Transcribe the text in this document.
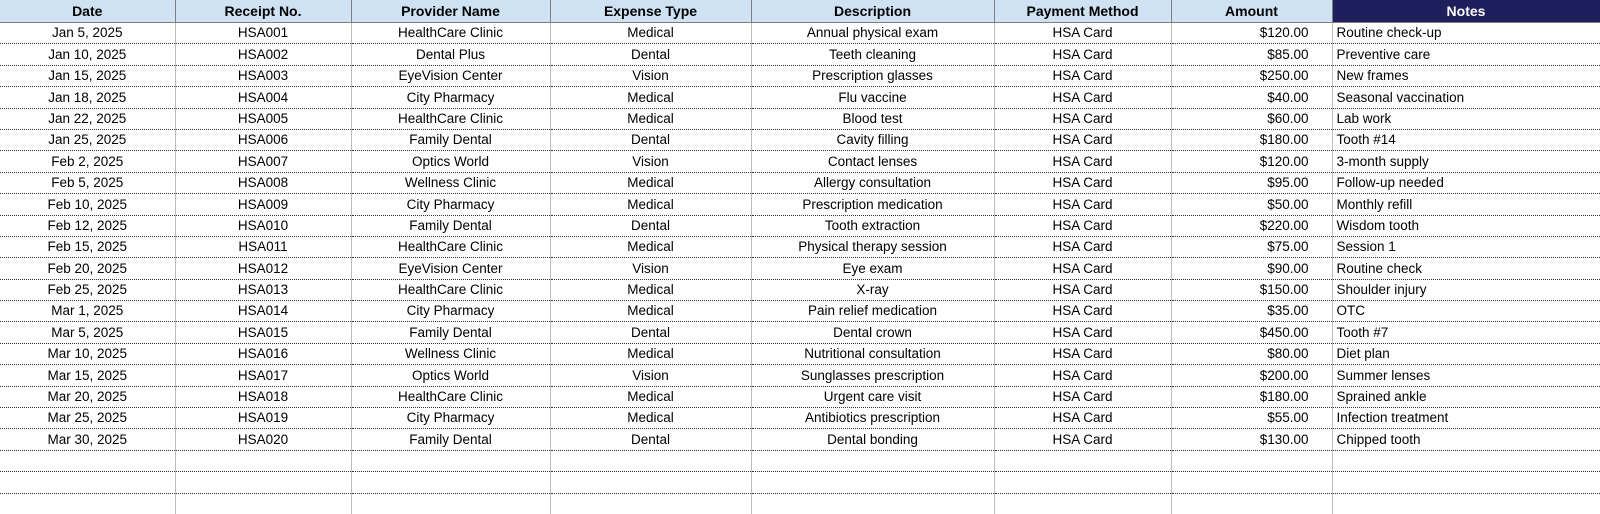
Date	Receipt No.	Provider Name	Expense Type	Description	Payment Method	Amount	Notes
Jan 5, 2025	HSA001	HealthCare Clinic	Medical	Annual physical exam	HSA Card	$120.00	Routine check-up
Jan 10, 2025	HSA002	Dental Plus	Dental	Teeth cleaning	HSA Card	$85.00	Preventive care
Jan 15, 2025	HSA003	EyeVision Center	Vision	Prescription glasses	HSA Card	$250.00	New frames
Jan 18, 2025	HSA004	City Pharmacy	Medical	Flu vaccine	HSA Card	$40.00	Seasonal vaccination
Jan 22, 2025	HSA005	HealthCare Clinic	Medical	Blood test	HSA Card	$60.00	Lab work
Jan 25, 2025	HSA006	Family Dental	Dental	Cavity filling	HSA Card	$180.00	Tooth #14
Feb 2, 2025	HSA007	Optics World	Vision	Contact lenses	HSA Card	$120.00	3-month supply
Feb 5, 2025	HSA008	Wellness Clinic	Medical	Allergy consultation	HSA Card	$95.00	Follow-up needed
Feb 10, 2025	HSA009	City Pharmacy	Medical	Prescription medication	HSA Card	$50.00	Monthly refill
Feb 12, 2025	HSA010	Family Dental	Dental	Tooth extraction	HSA Card	$220.00	Wisdom tooth
Feb 15, 2025	HSA011	HealthCare Clinic	Medical	Physical therapy session	HSA Card	$75.00	Session 1
Feb 20, 2025	HSA012	EyeVision Center	Vision	Eye exam	HSA Card	$90.00	Routine check
Feb 25, 2025	HSA013	HealthCare Clinic	Medical	X-ray	HSA Card	$150.00	Shoulder injury
Mar 1, 2025	HSA014	City Pharmacy	Medical	Pain relief medication	HSA Card	$35.00	OTC
Mar 5, 2025	HSA015	Family Dental	Dental	Dental crown	HSA Card	$450.00	Tooth #7
Mar 10, 2025	HSA016	Wellness Clinic	Medical	Nutritional consultation	HSA Card	$80.00	Diet plan
Mar 15, 2025	HSA017	Optics World	Vision	Sunglasses prescription	HSA Card	$200.00	Summer lenses
Mar 20, 2025	HSA018	HealthCare Clinic	Medical	Urgent care visit	HSA Card	$180.00	Sprained ankle
Mar 25, 2025	HSA019	City Pharmacy	Medical	Antibiotics prescription	HSA Card	$55.00	Infection treatment
Mar 30, 2025	HSA020	Family Dental	Dental	Dental bonding	HSA Card	$130.00	Chipped tooth
